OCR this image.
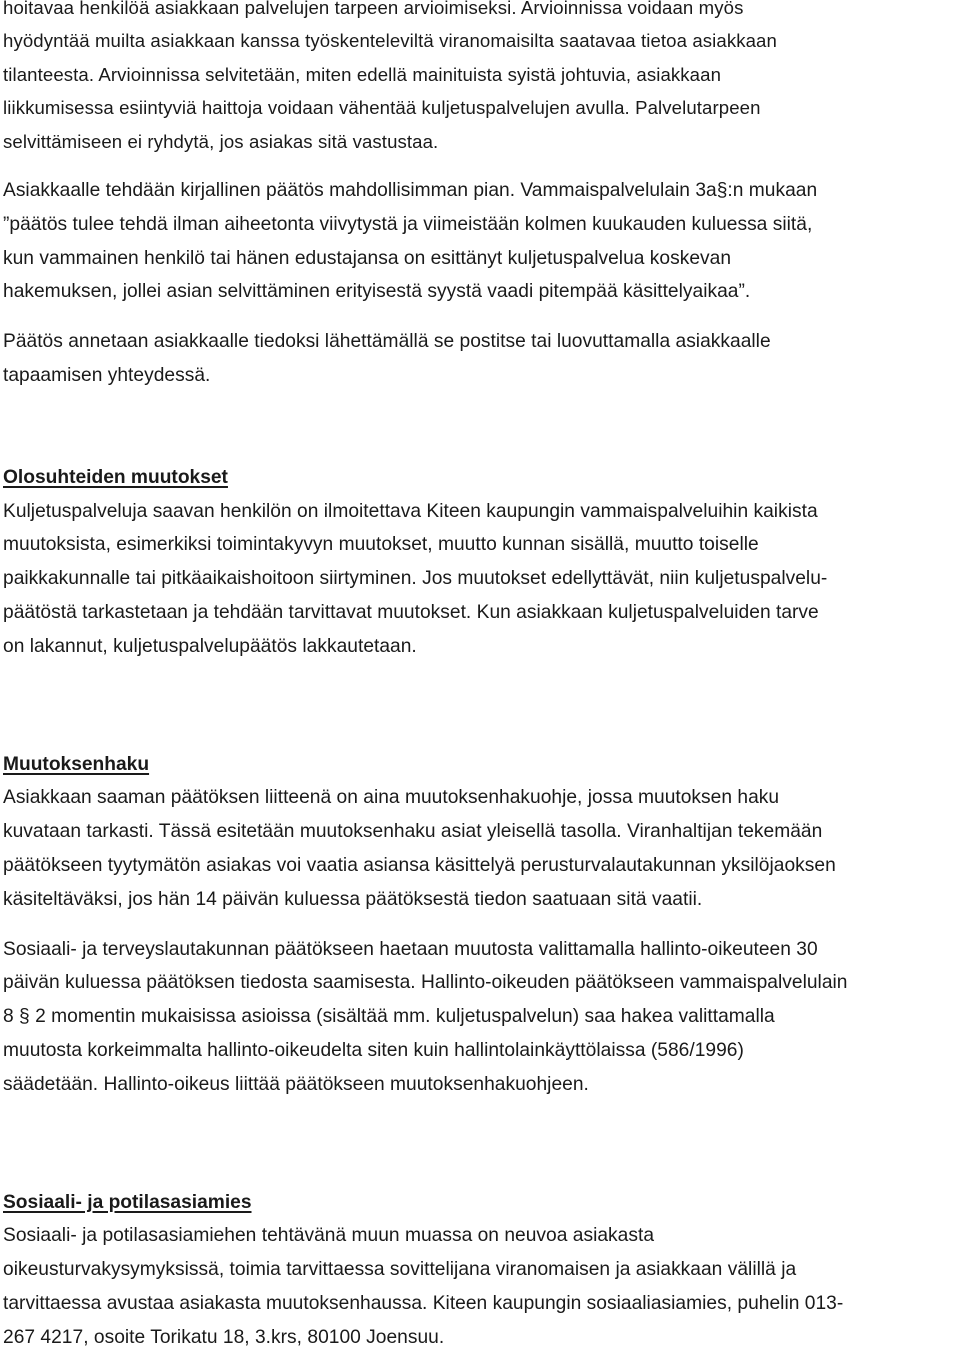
hoitavaa henkilöä asiakkaan palvelujen tarpeen arvioimiseksi. Arvioinnissa voidaan myös
hyödyntää muilta asiakkaan kanssa työskenteleviltä viranomaisilta saatavaa tietoa asiakkaan
tilanteesta. Arvioinnissa selvitetään, miten edellä mainituista syistä johtuvia, asiakkaan
liikkumisessa esiintyviä haittoja voidaan vähentää kuljetuspalvelujen avulla. Palvelutarpeen
selvittämiseen ei ryhdytä, jos asiakas sitä vastustaa.

Asiakkaalle tehdään kirjallinen päätös mahdollisimman pian. Vammaispalvelulain 3a§:n mukaan
”päätös tulee tehdä ilman aiheetonta viivytystä ja viimeistään kolmen kuukauden kuluessa siitä,
kun vammainen henkilö tai hänen edustajansa on esittänyt kuljetuspalvelua koskevan
hakemuksen, jollei asian selvittäminen erityisestä syystä vaadi pitempää käsittelyaikaa”.

Päätös annetaan asiakkaalle tiedoksi lähettämällä se postitse tai luovuttamalla asiakkaalle
tapaamisen yhteydessä.

Olosuhteiden muutokset

Kuljetuspalveluja saavan henkilön on ilmoitettava Kiteen kaupungin vammaispalveluihin kaikista
muutoksista, esimerkiksi toimintakyvyn muutokset, muutto kunnan sisällä, muutto toiselle
paikkakunnalle tai pitkäaikaishoitoon siirtyminen. Jos muutokset edellyttävät, niin kuljetuspalvelu-
päätöstä tarkastetaan ja tehdään tarvittavat muutokset. Kun asiakkaan kuljetuspalveluiden tarve
on lakannut, kuljetuspalvelupäätös lakkautetaan.

Muutoksenhaku

Asiakkaan saaman päätöksen liitteenä on aina muutoksenhakuohje, jossa muutoksen haku
kuvataan tarkasti. Tässä esitetään muutoksenhaku asiat yleisellä tasolla. Viranhaltijan tekemään
päätökseen tyytymätön asiakas voi vaatia asiansa käsittelyä perusturvalautakunnan yksilöjaoksen
käsiteltäväksi, jos hän 14 päivän kuluessa päätöksestä tiedon saatuaan sitä vaatii.

Sosiaali- ja terveyslautakunnan päätökseen haetaan muutosta valittamalla hallinto-oikeuteen 30
päivän kuluessa päätöksen tiedosta saamisesta. Hallinto-oikeuden päätökseen vammaispalvelulain
8 § 2 momentin mukaisissa asioissa (sisältää mm. kuljetuspalvelun) saa hakea valittamalla
muutosta korkeimmalta hallinto-oikeudelta siten kuin hallintolainkäyttölaissa (586/1996)
säädetään. Hallinto-oikeus liittää päätökseen muutoksenhakuohjeen.

Sosiaali- ja potilasasiamies

Sosiaali- ja potilasasiamiehen tehtävänä muun muassa on neuvoa asiakasta
oikeusturvakysymyksissä, toimia tarvittaessa sovittelijana viranomaisen ja asiakkaan välillä ja
tarvittaessa avustaa asiakasta muutoksenhaussa. Kiteen kaupungin sosiaaliasiamies, puhelin 013-
267 4217, osoite Torikatu 18, 3.krs, 80100 Joensuu.
